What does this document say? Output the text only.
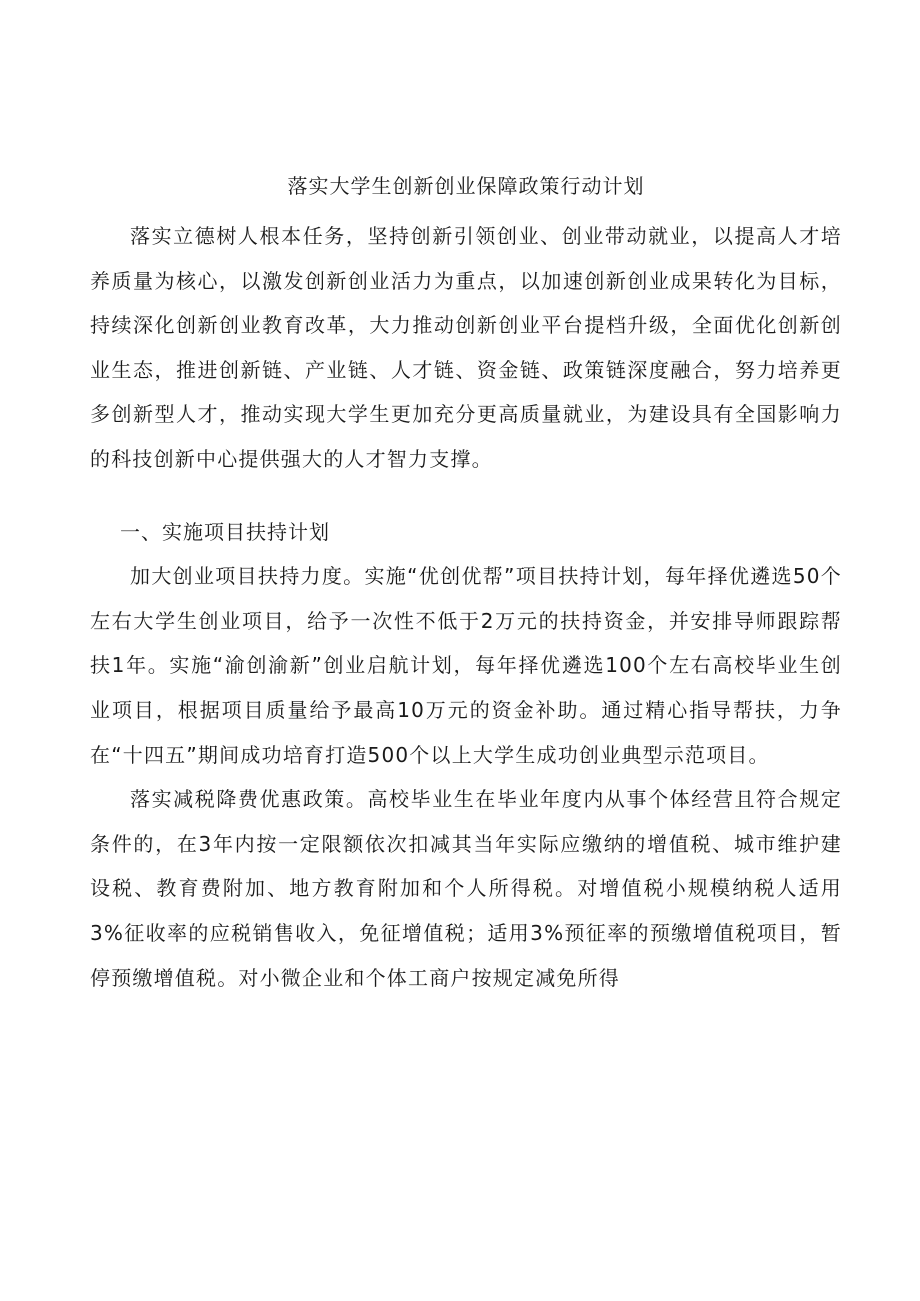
落实大学生创新创业保障政策行动计划

落实立德树人根本任务，坚持创新引领创业、创业带动就业，以提高人才培养质量为核心，以激发创新创业活力为重点，以加速创新创业成果转化为目标，持续深化创新创业教育改革，大力推动创新创业平台提档升级，全面优化创新创业生态，推进创新链、产业链、人才链、资金链、政策链深度融合，努力培养更多创新型人才，推动实现大学生更加充分更高质量就业，为建设具有全国影响力的科技创新中心提供强大的人才智力支撑。

一、实施项目扶持计划

加大创业项目扶持力度。实施“优创优帮”项目扶持计划，每年择优遴选50个左右大学生创业项目，给予一次性不低于2万元的扶持资金，并安排导师跟踪帮扶1年。实施“渝创渝新”创业启航计划，每年择优遴选100个左右高校毕业生创业项目，根据项目质量给予最高10万元的资金补助。通过精心指导帮扶，力争在“十四五”期间成功培育打造500个以上大学生成功创业典型示范项目。

落实减税降费优惠政策。高校毕业生在毕业年度内从事个体经营且符合规定条件的，在3年内按一定限额依次扣减其当年实际应缴纳的增值税、城市维护建设税、教育费附加、地方教育附加和个人所得税。对增值税小规模纳税人适用3%征收率的应税销售收入，免征增值税；适用3%预征率的预缴增值税项目，暂停预缴增值税。对小微企业和个体工商户按规定减免所得
